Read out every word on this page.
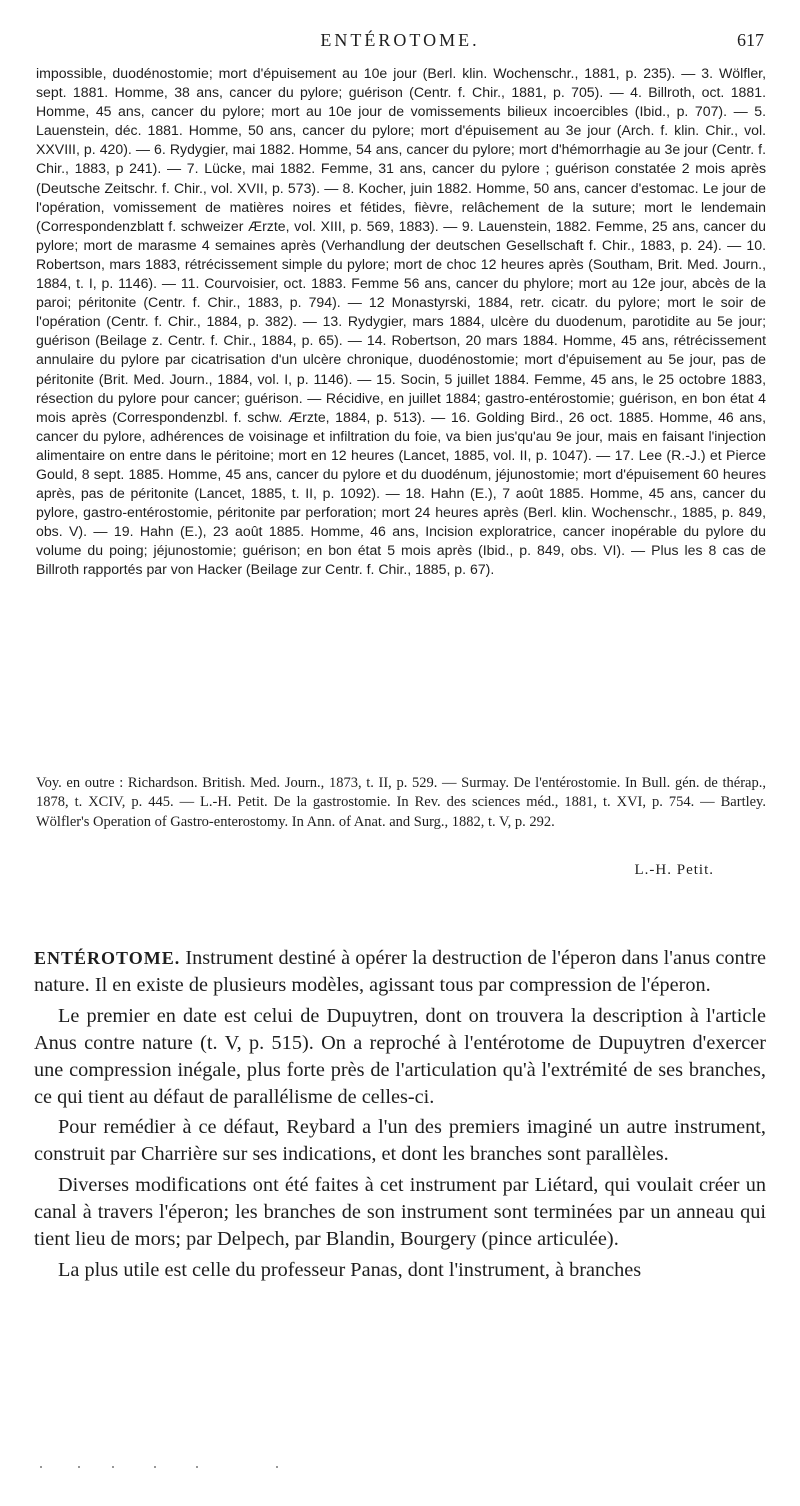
ENTÉROTOME.	617

impossible, duodénostomie; mort d'épuisement au 10e jour (Berl. klin. Wochenschr., 1881, p. 235). — 3. Wölfler, sept. 1881. Homme, 38 ans, cancer du pylore; guérison (Centr. f. Chir., 1881, p. 705). — 4. Billroth, oct. 1881. Homme, 45 ans, cancer du pylore; mort au 10e jour de vomissements bilieux incoercibles (Ibid., p. 707). — 5. Lauenstein, déc. 1881. Homme, 50 ans, cancer du pylore; mort d'épuisement au 3e jour (Arch. f. klin. Chir., vol. XXVIII, p. 420). — 6. Rydygier, mai 1882. Homme, 54 ans, cancer du pylore; mort d'hémorrhagie au 3e jour (Centr. f. Chir., 1883, p 241). — 7. Lücke, mai 1882. Femme, 31 ans, cancer du pylore ; guérison constatée 2 mois après (Deutsche Zeitschr. f. Chir., vol. XVII, p. 573). — 8. Kocher, juin 1882. Homme, 50 ans, cancer d'estomac. Le jour de l'opération, vomissement de matières noires et fétides, fièvre, relâchement de la suture; mort le lendemain (Correspondenzblatt f. schweizer Ærzte, vol. XIII, p. 569, 1883). — 9. Lauenstein, 1882. Femme, 25 ans, cancer du pylore; mort de marasme 4 semaines après (Verhandlung der deutschen Gesellschaft f. Chir., 1883, p. 24). — 10. Robertson, mars 1883, rétrécissement simple du pylore; mort de choc 12 heures après (Southam, Brit. Med. Journ., 1884, t. I, p. 1146). — 11. Courvoisier, oct. 1883. Femme 56 ans, cancer du phylore; mort au 12e jour, abcès de la paroi; péritonite (Centr. f. Chir., 1883, p. 794). — 12 Monastyrski, 1884, retr. cicatr. du pylore; mort le soir de l'opération (Centr. f. Chir., 1884, p. 382). — 13. Rydygier, mars 1884, ulcère du duodenum, parotidite au 5e jour; guérison (Beilage z. Centr. f. Chir., 1884, p. 65). — 14. Robertson, 20 mars 1884. Homme, 45 ans, rétrécissement annulaire du pylore par cicatrisation d'un ulcère chronique, duodénostomie; mort d'épuisement au 5e jour, pas de péritonite (Brit. Med. Journ., 1884, vol. I, p. 1146). — 15. Socin, 5 juillet 1884. Femme, 45 ans, le 25 octobre 1883, résection du pylore pour cancer; guérison. — Récidive, en juillet 1884; gastro-entérostomie; guérison, en bon état 4 mois après (Correspondenzbl. f. schw. Ærzte, 1884, p. 513). — 16. Golding Bird., 26 oct. 1885. Homme, 46 ans, cancer du pylore, adhérences de voisinage et infiltration du foie, va bien jus'qu'au 9e jour, mais en faisant l'injection alimentaire on entre dans le péritoine; mort en 12 heures (Lancet, 1885, vol. II, p. 1047). — 17. Lee (R.-J.) et Pierce Gould, 8 sept. 1885. Homme, 45 ans, cancer du pylore et du duodénum, jéjunostomie; mort d'épuisement 60 heures après, pas de péritonite (Lancet, 1885, t. II, p. 1092). — 18. Hahn (E.), 7 août 1885. Homme, 45 ans, cancer du pylore, gastro-entérostomie, péritonite par perforation; mort 24 heures après (Berl. klin. Wochenschr., 1885, p. 849, obs. V). — 19. Hahn (E.), 23 août 1885. Homme, 46 ans, Incision exploratrice, cancer inopérable du pylore du volume du poing; jéjunostomie; guérison; en bon état 5 mois après (Ibid., p. 849, obs. VI). — Plus les 8 cas de Billroth rapportés par von Hacker (Beilage zur Centr. f. Chir., 1885, p. 67).

Voy. en outre : Richardson. British. Med. Journ., 1873, t. II, p. 529. — Surmay. De l'entérostomie. In Bull. gén. de thérap., 1878, t. XCIV, p. 445. — L.-H. Petit. De la gastrostomie. In Rev. des sciences méd., 1881, t. XVI, p. 754. — Bartley. Wölfler's Operation of Gastro-enterostomy. In Ann. of Anat. and Surg., 1882, t. V, p. 292.

L.-H. Petit.

ENTÉROTOME. Instrument destiné à opérer la destruction de l'éperon dans l'anus contre nature. Il en existe de plusieurs modèles, agissant tous par compression de l'éperon.

Le premier en date est celui de Dupuytren, dont on trouvera la description à l'article Anus contre nature (t. V, p. 515). On a reproché à l'entérotome de Dupuytren d'exercer une compression inégale, plus forte près de l'articulation qu'à l'extrémité de ses branches, ce qui tient au défaut de parallélisme de celles-ci.

Pour remédier à ce défaut, Reybard a l'un des premiers imaginé un autre instrument, construit par Charrière sur ses indications, et dont les branches sont parallèles.

Diverses modifications ont été faites à cet instrument par Liétard, qui voulait créer un canal à travers l'éperon; les branches de son instrument sont terminées par un anneau qui tient lieu de mors; par Delpech, par Blandin, Bourgery (pince articulée).

La plus utile est celle du professeur Panas, dont l'instrument, à branches
